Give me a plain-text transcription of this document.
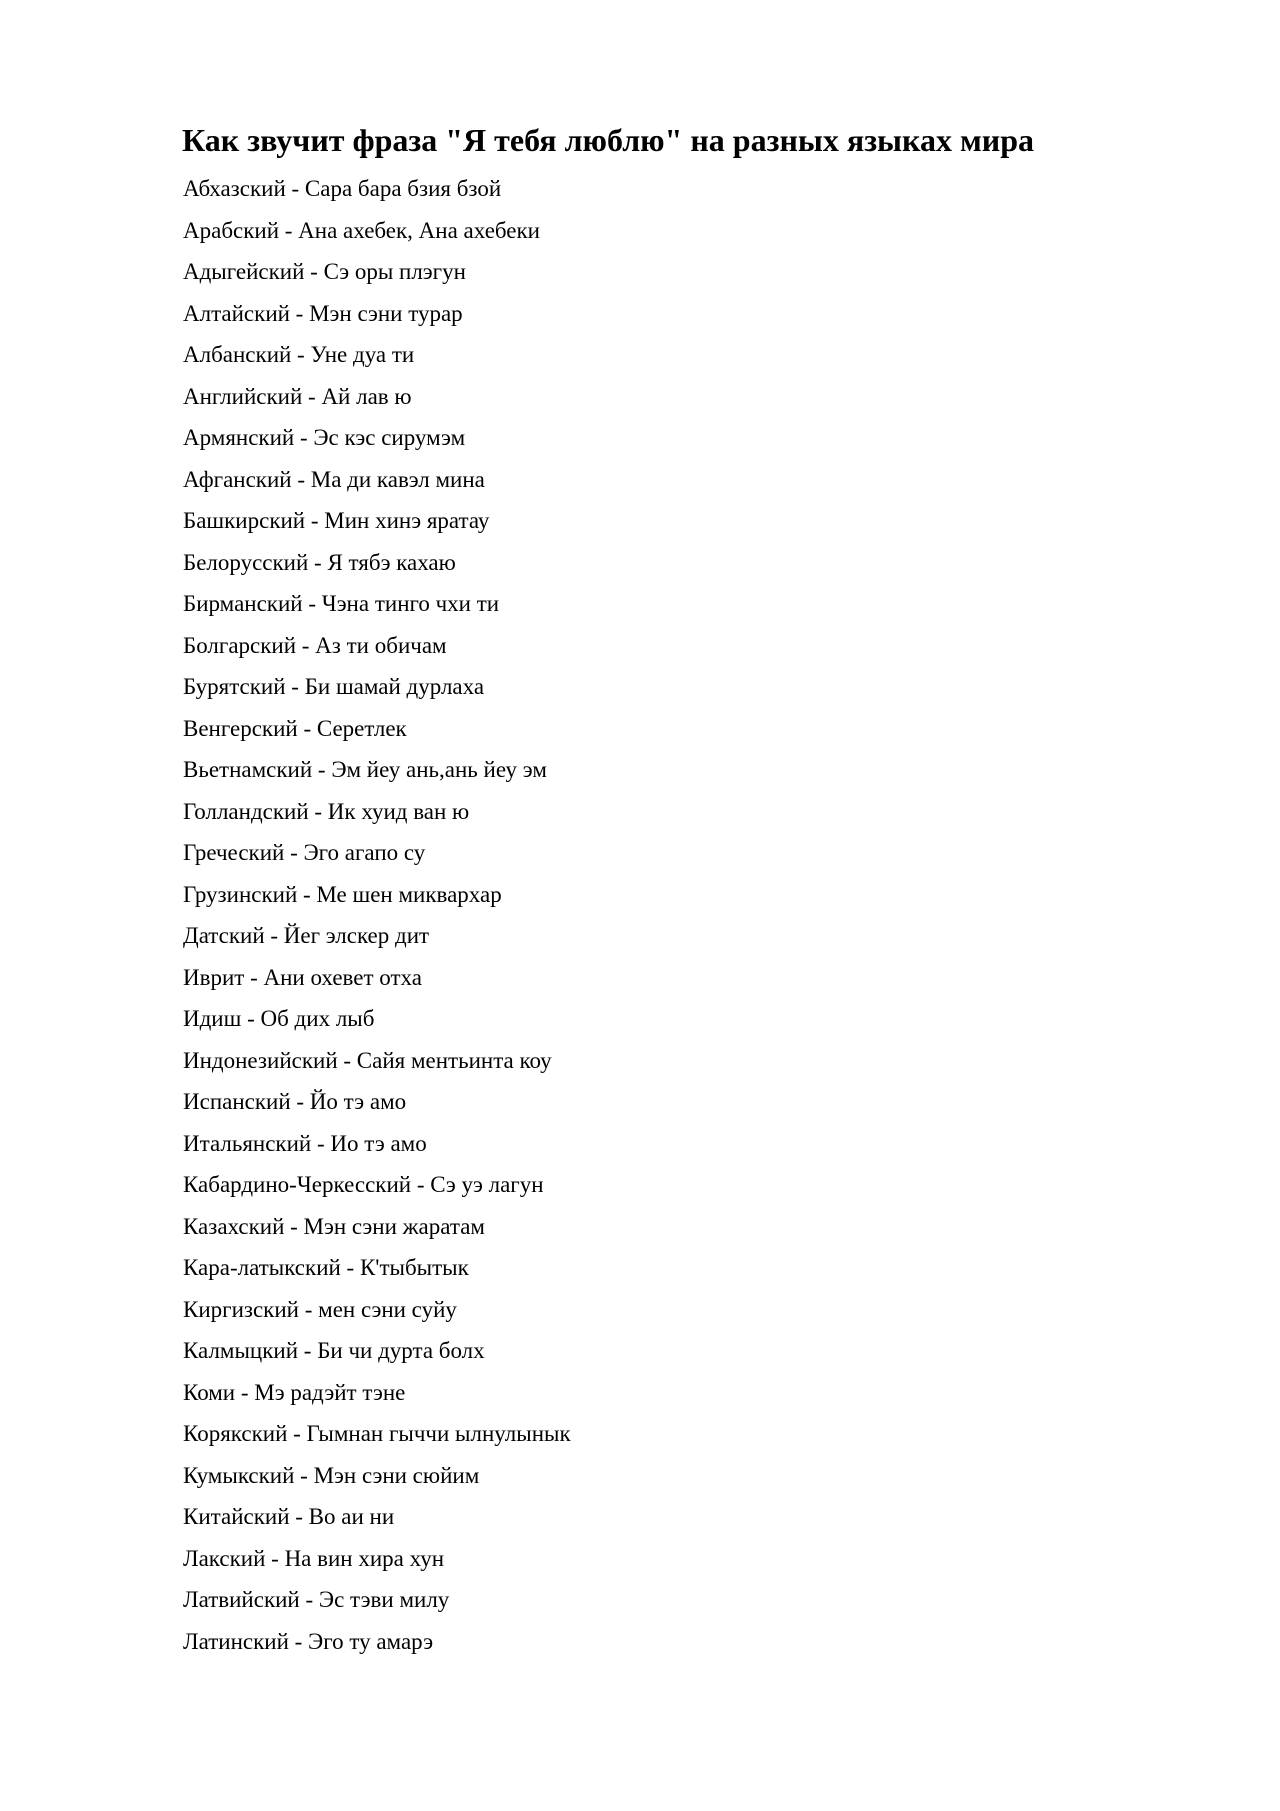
Как звучит фраза "Я тебя люблю" на разных языках мира
Абхазский - Сара бара бзия бзой
Арабский - Ана ахебек, Ана ахебеки
Адыгейский - Сэ оры плэгун
Алтайский - Мэн сэни турар
Албанский - Уне дуа ти
Английский - Ай лав ю
Армянский - Эс кэс сирумэм
Афганский - Ма ди кавэл мина
Башкирский - Мин хинэ яратау
Белорусский - Я тябэ кахаю
Бирманский - Чэна тинго чхи ти
Болгарский - Аз ти обичам
Бурятский - Би шамай дурлаха
Венгерский - Серетлек
Вьетнамский - Эм йеу ань,ань йеу эм
Голландский - Ик хуид ван ю
Греческий - Эго агапо су
Грузинский - Ме шен миквархар
Датский - Йег элскер дит
Иврит - Ани охевет отха
Идиш - Об дих лыб
Индонезийский - Сайя ментьинта коу
Испанский - Йо тэ амо
Итальянский - Ио тэ амо
Кабардино-Черкесский - Сэ уэ лагун
Казахский - Мэн сэни жаратам
Кара-латыкский - К'тыбытык
Киргизский - мен сэни суйу
Калмыцкий - Би чи дурта болх
Коми - Мэ радэйт тэне
Корякский - Гымнан гыччи ылнулынык
Кумыкский - Мэн сэни сюйим
Китайский - Во аи ни
Лакский - На вин хира хун
Латвийский - Эс тэви милу
Латинский - Эго ту амарэ
